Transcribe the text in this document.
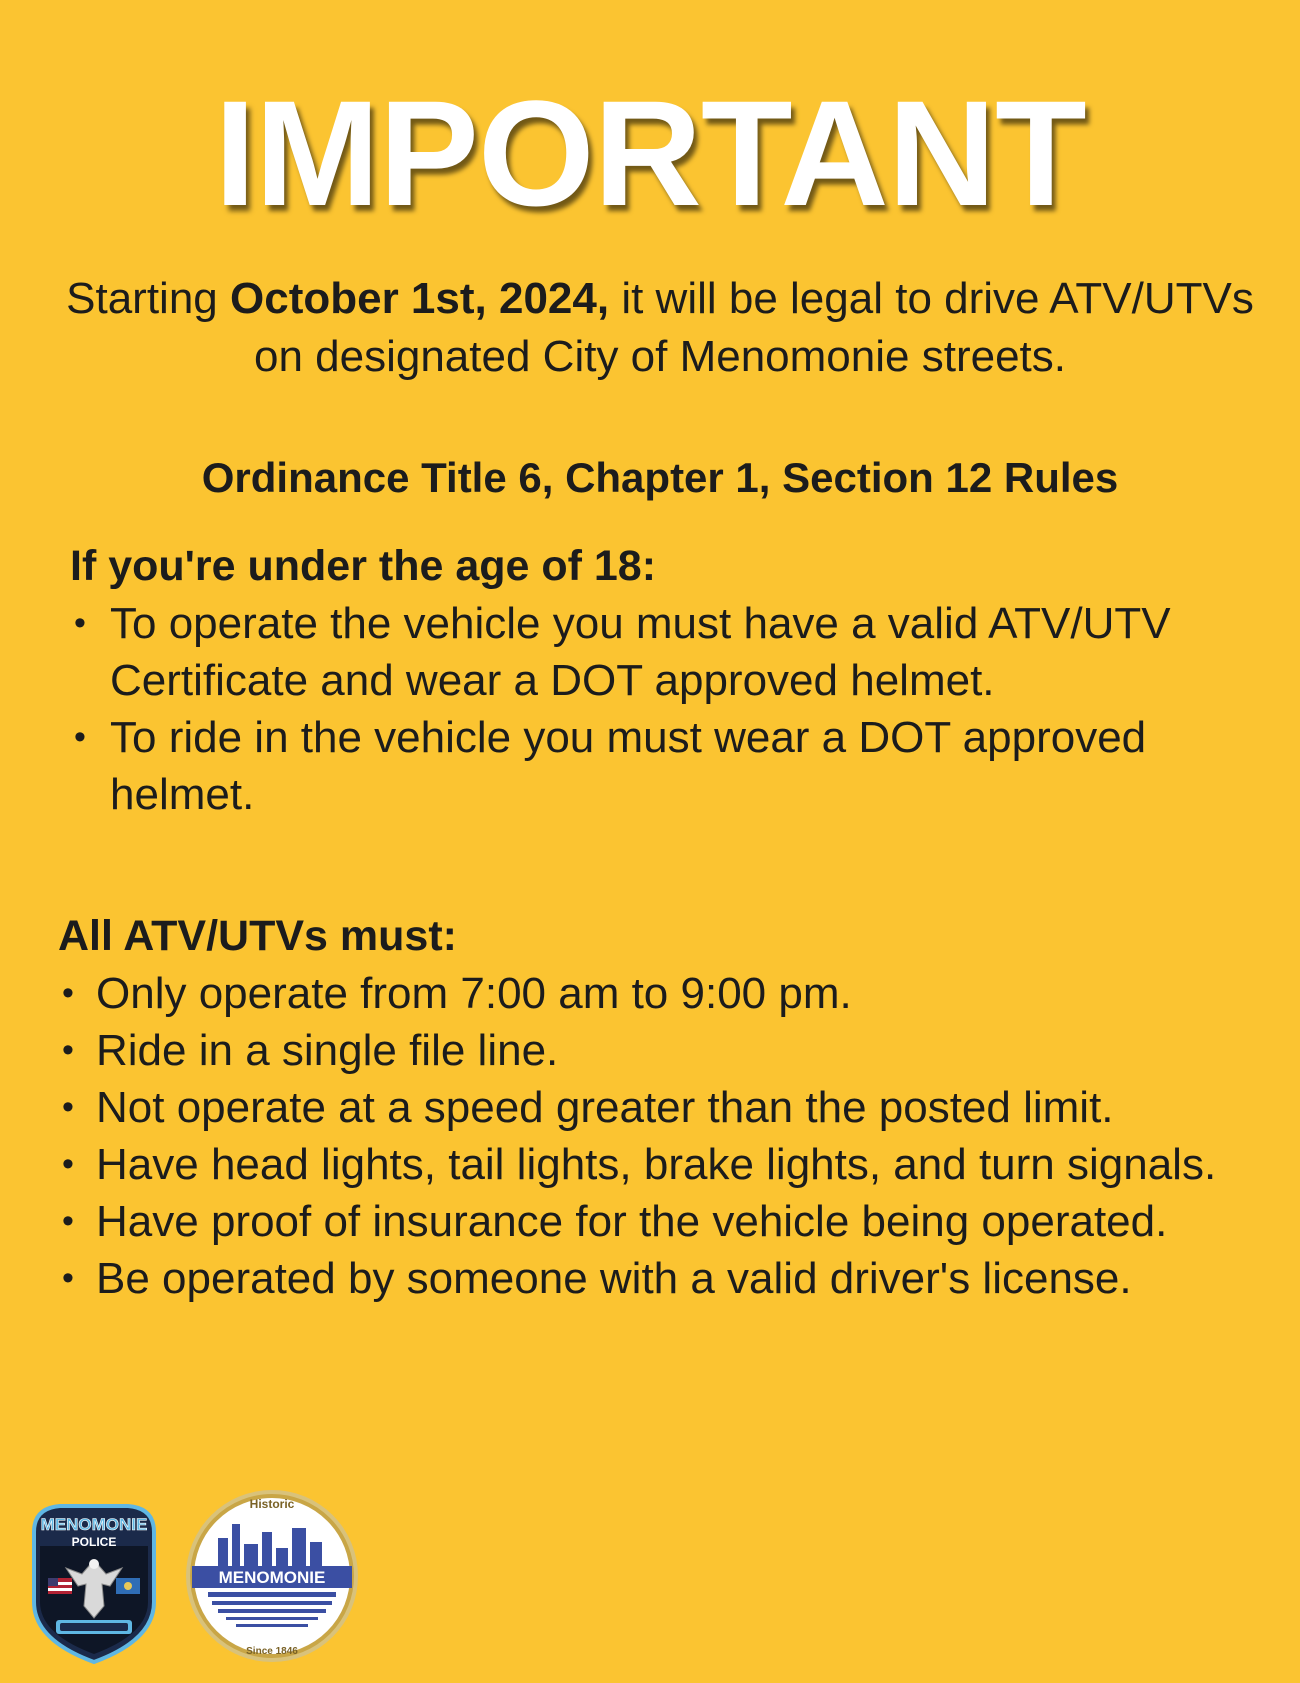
IMPORTANT
Starting October 1st, 2024, it will be legal to drive ATV/UTVs on designated City of Menomonie streets.
Ordinance Title 6, Chapter 1, Section 12 Rules
If you're under the age of 18:
• To operate the vehicle you must have a valid ATV/UTV Certificate and wear a DOT approved helmet.
• To ride in the vehicle you must wear a DOT approved helmet.
All ATV/UTVs must:
• Only operate from 7:00 am to 9:00 pm.
• Ride in a single file line.
• Not operate at a speed greater than the posted limit.
• Have head lights, tail lights, brake lights, and turn signals.
• Have proof of insurance for the vehicle being operated.
• Be operated by someone with a valid driver's license.
MENOMONIE
POLICE
Historic
MENOMONIE
Since 1846
